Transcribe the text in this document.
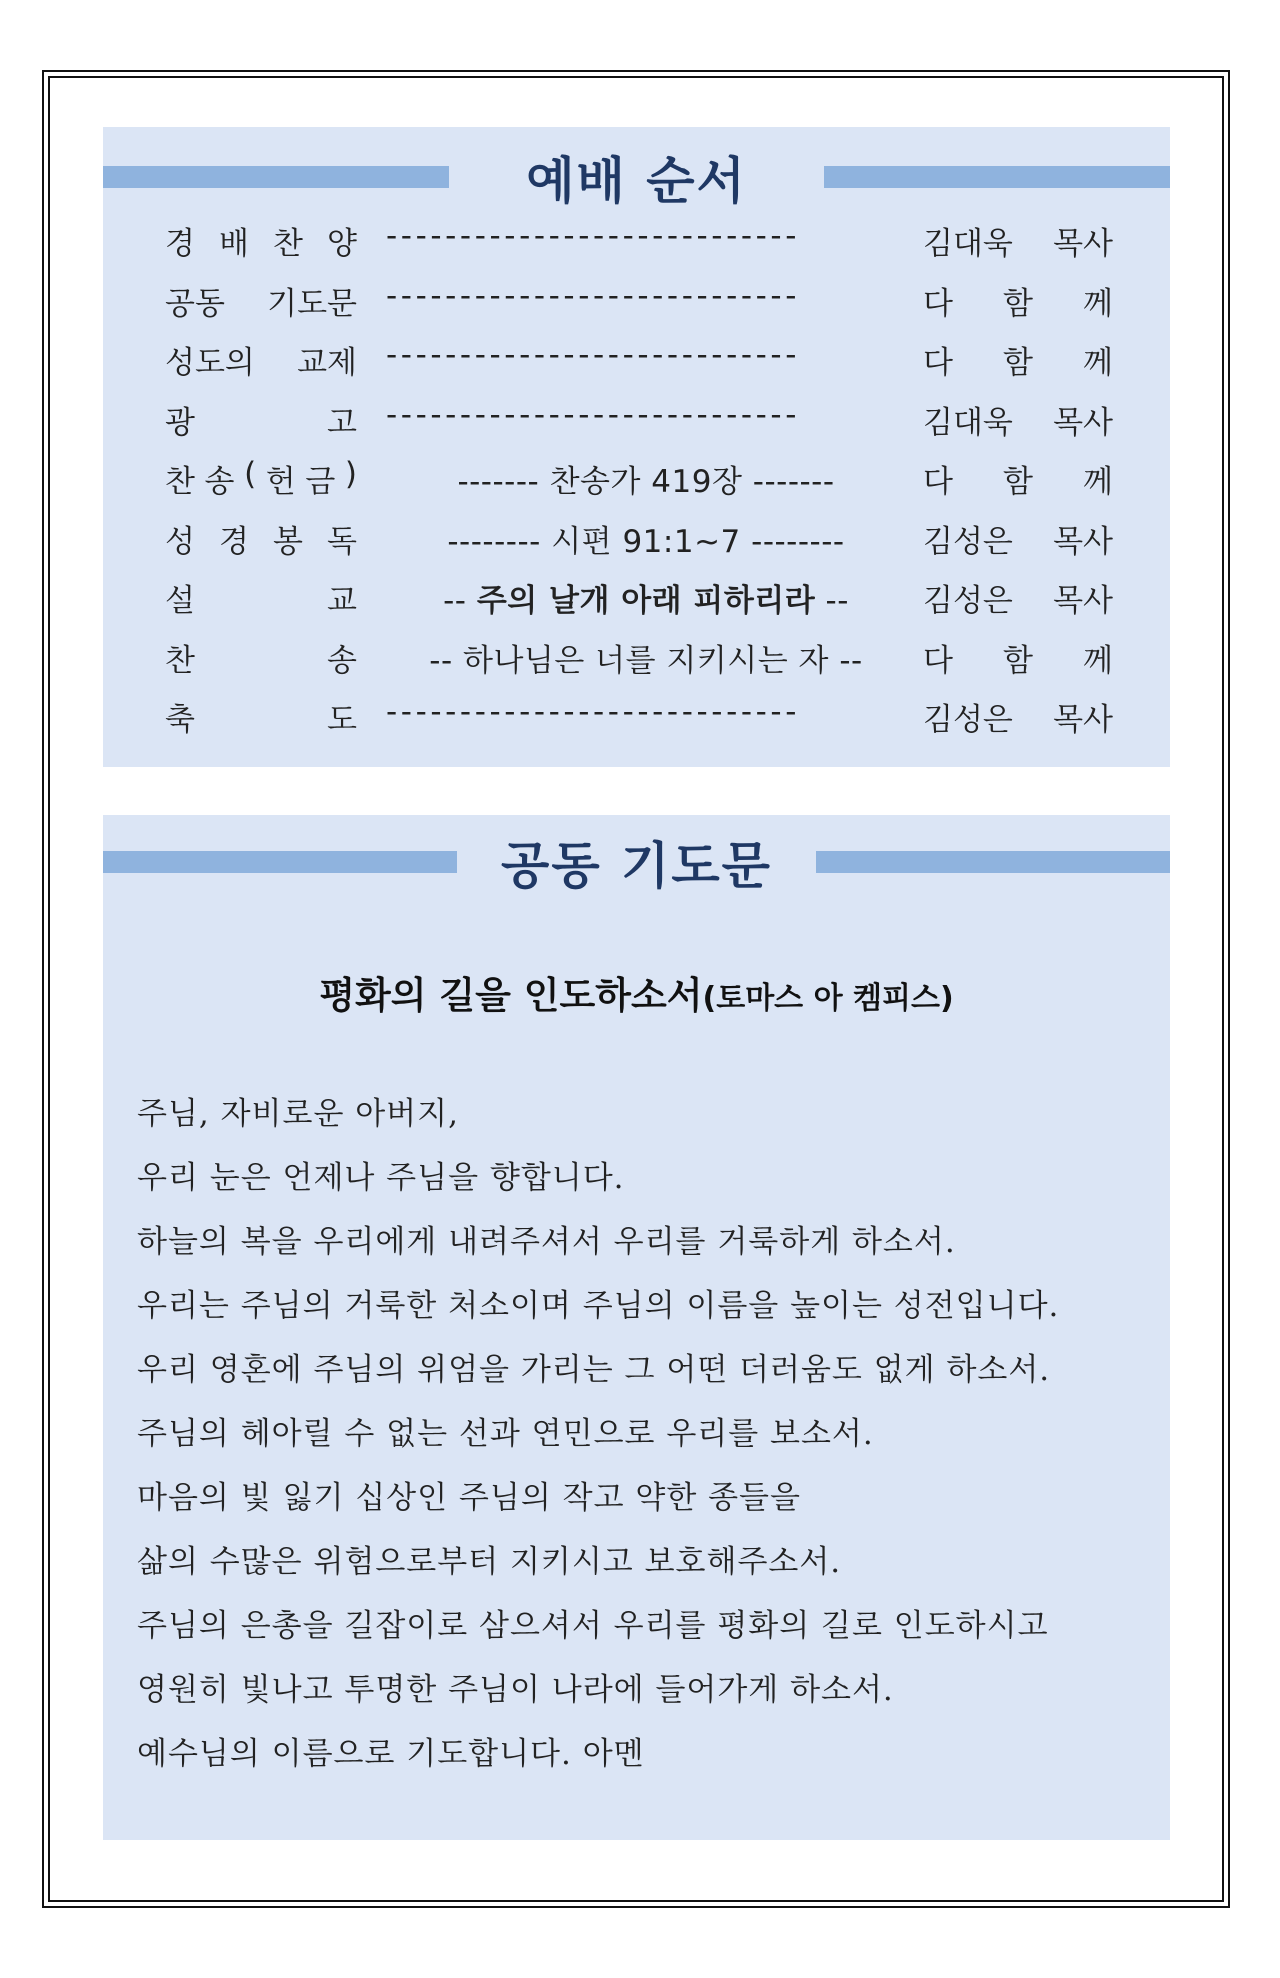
예배 순서
경 배 찬 양 ----------------------------	김대욱 목사
공동 기도문 ----------------------------	다 함 께
성도의 교제 ----------------------------	다 함 께
광	고 ----------------------------	김대욱 목사
찬 송 ( 헌 금 )	------- 찬송가 419장 -------	다 함 께
성 경 봉 독	-------- 시편 91:1~7 --------	김성은 목사
설	교	-- 주의 날개 아래 피하리라 --	김성은 목사
찬	송	-- 하나님은 너를 지키시는 자 --	다 함 께
축	도 ----------------------------	김성은 목사
공동 기도문
평화의 길을 인도하소서(토마스 아 켐피스)
주님, 자비로운 아버지,
우리 눈은 언제나 주님을 향합니다.
하늘의 복을 우리에게 내려주셔서 우리를 거룩하게 하소서.
우리는 주님의 거룩한 처소이며 주님의 이름을 높이는 성전입니다.
우리 영혼에 주님의 위엄을 가리는 그 어떤 더러움도 없게 하소서.
주님의 헤아릴 수 없는 선과 연민으로 우리를 보소서.
마음의 빛 잃기 십상인 주님의 작고 약한 종들을
삶의 수많은 위험으로부터 지키시고 보호해주소서.
주님의 은총을 길잡이로 삼으셔서 우리를 평화의 길로 인도하시고
영원히 빛나고 투명한 주님이 나라에 들어가게 하소서.
예수님의 이름으로 기도합니다. 아멘
